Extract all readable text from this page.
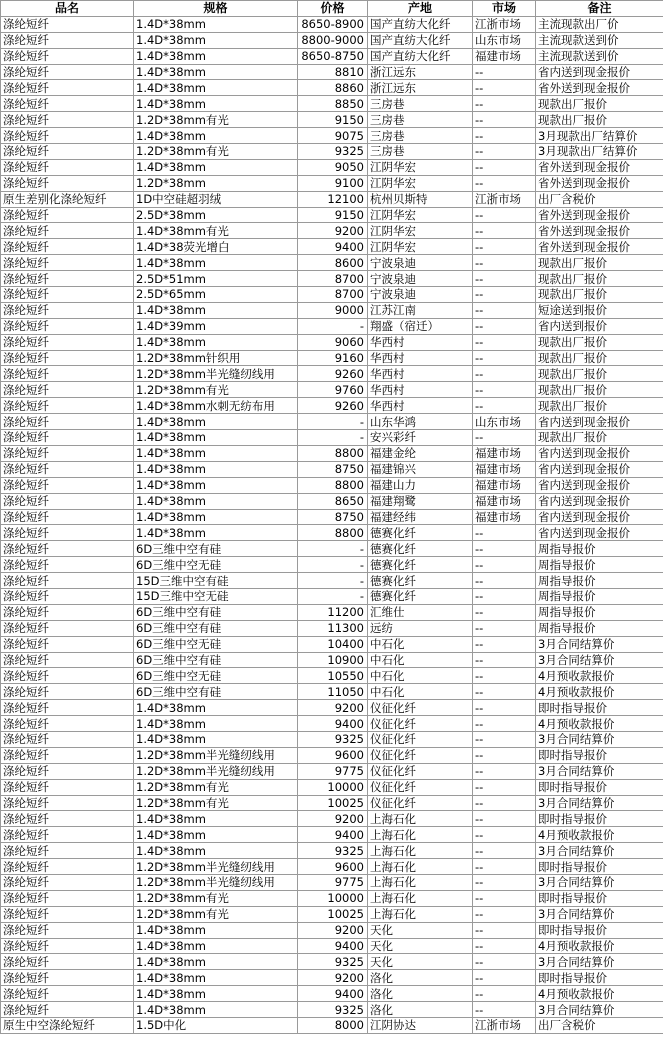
品名	规格	价格	产地	市场	备注
涤纶短纤	1.4D*38mm	8650-8900	国产直纺大化纤	江浙市场	主流现款出厂价
涤纶短纤	1.4D*38mm	8800-9000	国产直纺大化纤	山东市场	主流现款送到价
涤纶短纤	1.4D*38mm	8650-8750	国产直纺大化纤	福建市场	主流现款送到价
涤纶短纤	1.4D*38mm	8810	浙江远东	--	省内送到现金报价
涤纶短纤	1.4D*38mm	8860	浙江远东	--	省外送到现金报价
涤纶短纤	1.4D*38mm	8850	三房巷	--	现款出厂报价
涤纶短纤	1.2D*38mm有光	9150	三房巷	--	现款出厂报价
涤纶短纤	1.4D*38mm	9075	三房巷	--	3月现款出厂结算价
涤纶短纤	1.2D*38mm有光	9325	三房巷	--	3月现款出厂结算价
涤纶短纤	1.4D*38mm	9050	江阴华宏	--	省外送到现金报价
涤纶短纤	1.2D*38mm	9100	江阴华宏	--	省外送到现金报价
原生差别化涤纶短纤	1D中空硅超羽绒	12100	杭州贝斯特	江浙市场	出厂含税价
涤纶短纤	2.5D*38mm	9150	江阴华宏	--	省外送到现金报价
涤纶短纤	1.4D*38mm有光	9200	江阴华宏	--	省外送到现金报价
涤纶短纤	1.4D*38荧光增白	9400	江阴华宏	--	省外送到现金报价
涤纶短纤	1.4D*38mm	8600	宁波泉迪	--	现款出厂报价
涤纶短纤	2.5D*51mm	8700	宁波泉迪	--	现款出厂报价
涤纶短纤	2.5D*65mm	8700	宁波泉迪	--	现款出厂报价
涤纶短纤	1.4D*38mm	9000	江苏江南	--	短途送到报价
涤纶短纤	1.4D*39mm	-	翔盛（宿迁）	--	省内送到报价
涤纶短纤	1.4D*38mm	9060	华西村	--	现款出厂报价
涤纶短纤	1.2D*38mm针织用	9160	华西村	--	现款出厂报价
涤纶短纤	1.2D*38mm半光缝纫线用	9260	华西村	--	现款出厂报价
涤纶短纤	1.2D*38mm有光	9760	华西村	--	现款出厂报价
涤纶短纤	1.4D*38mm水刺无纺布用	9260	华西村	--	现款出厂报价
涤纶短纤	1.4D*38mm	-	山东华鸿	山东市场	省内送到现金报价
涤纶短纤	1.4D*38mm	-	安兴彩纤	--	现款出厂报价
涤纶短纤	1.4D*38mm	8800	福建金纶	福建市场	省内送到现金报价
涤纶短纤	1.4D*38mm	8750	福建锦兴	福建市场	省内送到现金报价
涤纶短纤	1.4D*38mm	8800	福建山力	福建市场	省内送到现金报价
涤纶短纤	1.4D*38mm	8650	福建翔鹭	福建市场	省内送到现金报价
涤纶短纤	1.4D*38mm	8750	福建经纬	福建市场	省内送到现金报价
涤纶短纤	1.4D*38mm	8800	德赛化纤	--	省内送到现金报价
涤纶短纤	6D三维中空有硅	-	德赛化纤	--	周指导报价
涤纶短纤	6D三维中空无硅	-	德赛化纤	--	周指导报价
涤纶短纤	15D三维中空有硅	-	德赛化纤	--	周指导报价
涤纶短纤	15D三维中空无硅	-	德赛化纤	--	周指导报价
涤纶短纤	6D三维中空有硅	11200	汇维仕	--	周指导报价
涤纶短纤	6D三维中空有硅	11300	远纺	--	周指导报价
涤纶短纤	6D三维中空无硅	10400	中石化	--	3月合同结算价
涤纶短纤	6D三维中空有硅	10900	中石化	--	3月合同结算价
涤纶短纤	6D三维中空无硅	10550	中石化	--	4月预收款报价
涤纶短纤	6D三维中空有硅	11050	中石化	--	4月预收款报价
涤纶短纤	1.4D*38mm	9200	仪征化纤	--	即时指导报价
涤纶短纤	1.4D*38mm	9400	仪征化纤	--	4月预收款报价
涤纶短纤	1.4D*38mm	9325	仪征化纤	--	3月合同结算价
涤纶短纤	1.2D*38mm半光缝纫线用	9600	仪征化纤	--	即时指导报价
涤纶短纤	1.2D*38mm半光缝纫线用	9775	仪征化纤	--	3月合同结算价
涤纶短纤	1.2D*38mm有光	10000	仪征化纤	--	即时指导报价
涤纶短纤	1.2D*38mm有光	10025	仪征化纤	--	3月合同结算价
涤纶短纤	1.4D*38mm	9200	上海石化	--	即时指导报价
涤纶短纤	1.4D*38mm	9400	上海石化	--	4月预收款报价
涤纶短纤	1.4D*38mm	9325	上海石化	--	3月合同结算价
涤纶短纤	1.2D*38mm半光缝纫线用	9600	上海石化	--	即时指导报价
涤纶短纤	1.2D*38mm半光缝纫线用	9775	上海石化	--	3月合同结算价
涤纶短纤	1.2D*38mm有光	10000	上海石化	--	即时指导报价
涤纶短纤	1.2D*38mm有光	10025	上海石化	--	3月合同结算价
涤纶短纤	1.4D*38mm	9200	天化	--	即时指导报价
涤纶短纤	1.4D*38mm	9400	天化	--	4月预收款报价
涤纶短纤	1.4D*38mm	9325	天化	--	3月合同结算价
涤纶短纤	1.4D*38mm	9200	洛化	--	即时指导报价
涤纶短纤	1.4D*38mm	9400	洛化	--	4月预收款报价
涤纶短纤	1.4D*38mm	9325	洛化	--	3月合同结算价
原生中空涤纶短纤	1.5D中化	8000	江阴协达	江浙市场	出厂含税价
